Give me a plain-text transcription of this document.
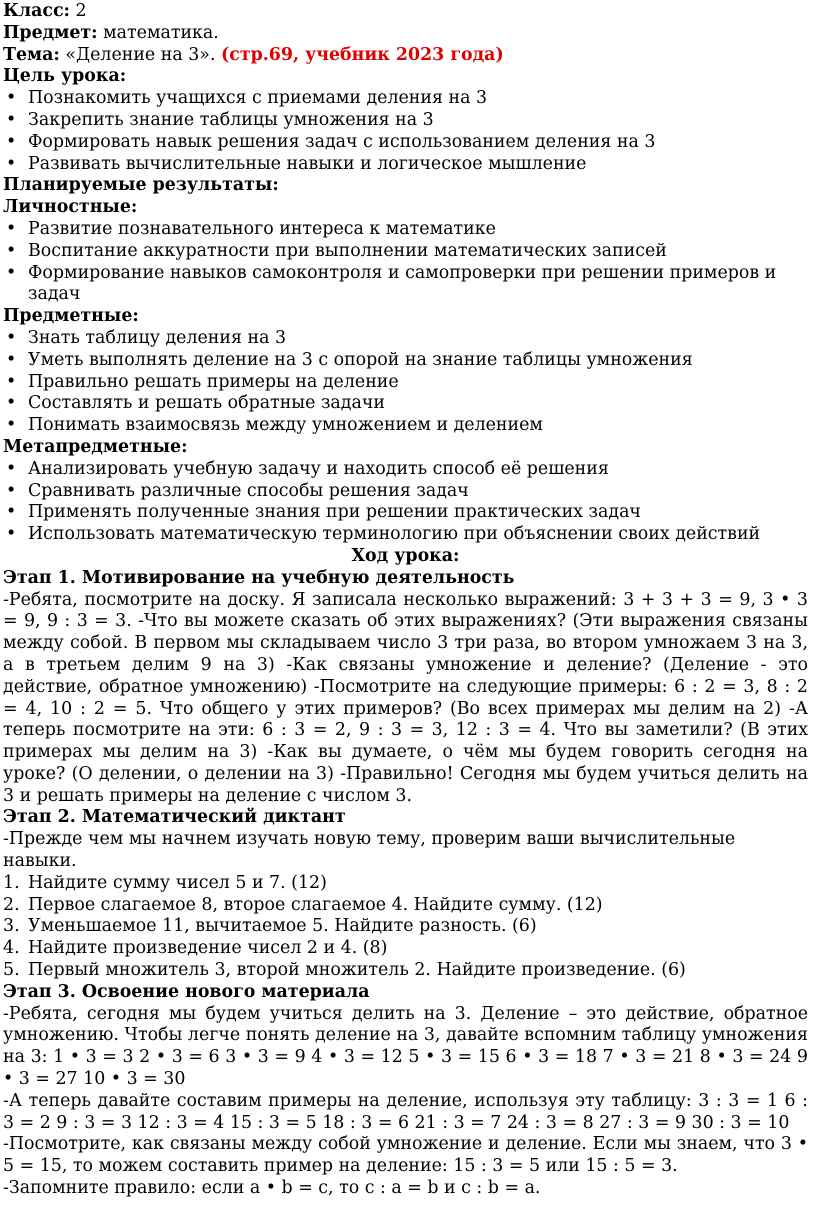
Класс: 2

Предмет: математика.

Тема: «Деление на 3». (стр.69, учебник 2023 года)

Цель урока:

• Познакомить учащихся с приемами деления на 3
• Закрепить знание таблицы умножения на 3
• Формировать навык решения задач с использованием деления на 3
• Развивать вычислительные навыки и логическое мышление

Планируемые результаты:

Личностные:

• Развитие познавательного интереса к математике
• Воспитание аккуратности при выполнении математических записей
• Формирование навыков самоконтроля и самопроверки при решении примеров и задач

Предметные:

• Знать таблицу деления на 3
• Уметь выполнять деление на 3 с опорой на знание таблицы умножения
• Правильно решать примеры на деление
• Составлять и решать обратные задачи
• Понимать взаимосвязь между умножением и делением

Метапредметные:

• Анализировать учебную задачу и находить способ её решения
• Сравнивать различные способы решения задач
• Применять полученные знания при решении практических задач
• Использовать математическую терминологию при объяснении своих действий

Ход урока:

Этап 1. Мотивирование на учебную деятельность

-Ребята, посмотрите на доску. Я записала несколько выражений: 3 + 3 + 3 = 9, 3 • 3 = 9, 9 : 3 = 3. -Что вы можете сказать об этих выражениях? (Эти выражения связаны между собой. В первом мы складываем число 3 три раза, во втором умножаем 3 на 3, а в третьем делим 9 на 3) -Как связаны умножение и деление? (Деление - это действие, обратное умножению) -Посмотрите на следующие примеры: 6 : 2 = 3, 8 : 2 = 4, 10 : 2 = 5. Что общего у этих примеров? (Во всех примерах мы делим на 2) -А теперь посмотрите на эти: 6 : 3 = 2, 9 : 3 = 3, 12 : 3 = 4. Что вы заметили? (В этих примерах мы делим на 3) -Как вы думаете, о чём мы будем говорить сегодня на уроке? (О делении, о делении на 3) -Правильно! Сегодня мы будем учиться делить на 3 и решать примеры на деление с числом 3.

Этап 2. Математический диктант

-Прежде чем мы начнем изучать новую тему, проверим ваши вычислительные навыки.

1. Найдите сумму чисел 5 и 7. (12)
2. Первое слагаемое 8, второе слагаемое 4. Найдите сумму. (12)
3. Уменьшаемое 11, вычитаемое 5. Найдите разность. (6)
4. Найдите произведение чисел 2 и 4. (8)
5. Первый множитель 3, второй множитель 2. Найдите произведение. (6)

Этап 3. Освоение нового материала

-Ребята, сегодня мы будем учиться делить на 3. Деление – это действие, обратное умножению. Чтобы легче понять деление на 3, давайте вспомним таблицу умножения на 3: 1 • 3 = 3 2 • 3 = 6 3 • 3 = 9 4 • 3 = 12 5 • 3 = 15 6 • 3 = 18 7 • 3 = 21 8 • 3 = 24 9 • 3 = 27 10 • 3 = 30

-А теперь давайте составим примеры на деление, используя эту таблицу: 3 : 3 = 1 6 : 3 = 2 9 : 3 = 3 12 : 3 = 4 15 : 3 = 5 18 : 3 = 6 21 : 3 = 7 24 : 3 = 8 27 : 3 = 9 30 : 3 = 10

-Посмотрите, как связаны между собой умножение и деление. Если мы знаем, что 3 • 5 = 15, то можем составить пример на деление: 15 : 3 = 5 или 15 : 5 = 3.

-Запомните правило: если a • b = c, то c : a = b и c : b = a.
